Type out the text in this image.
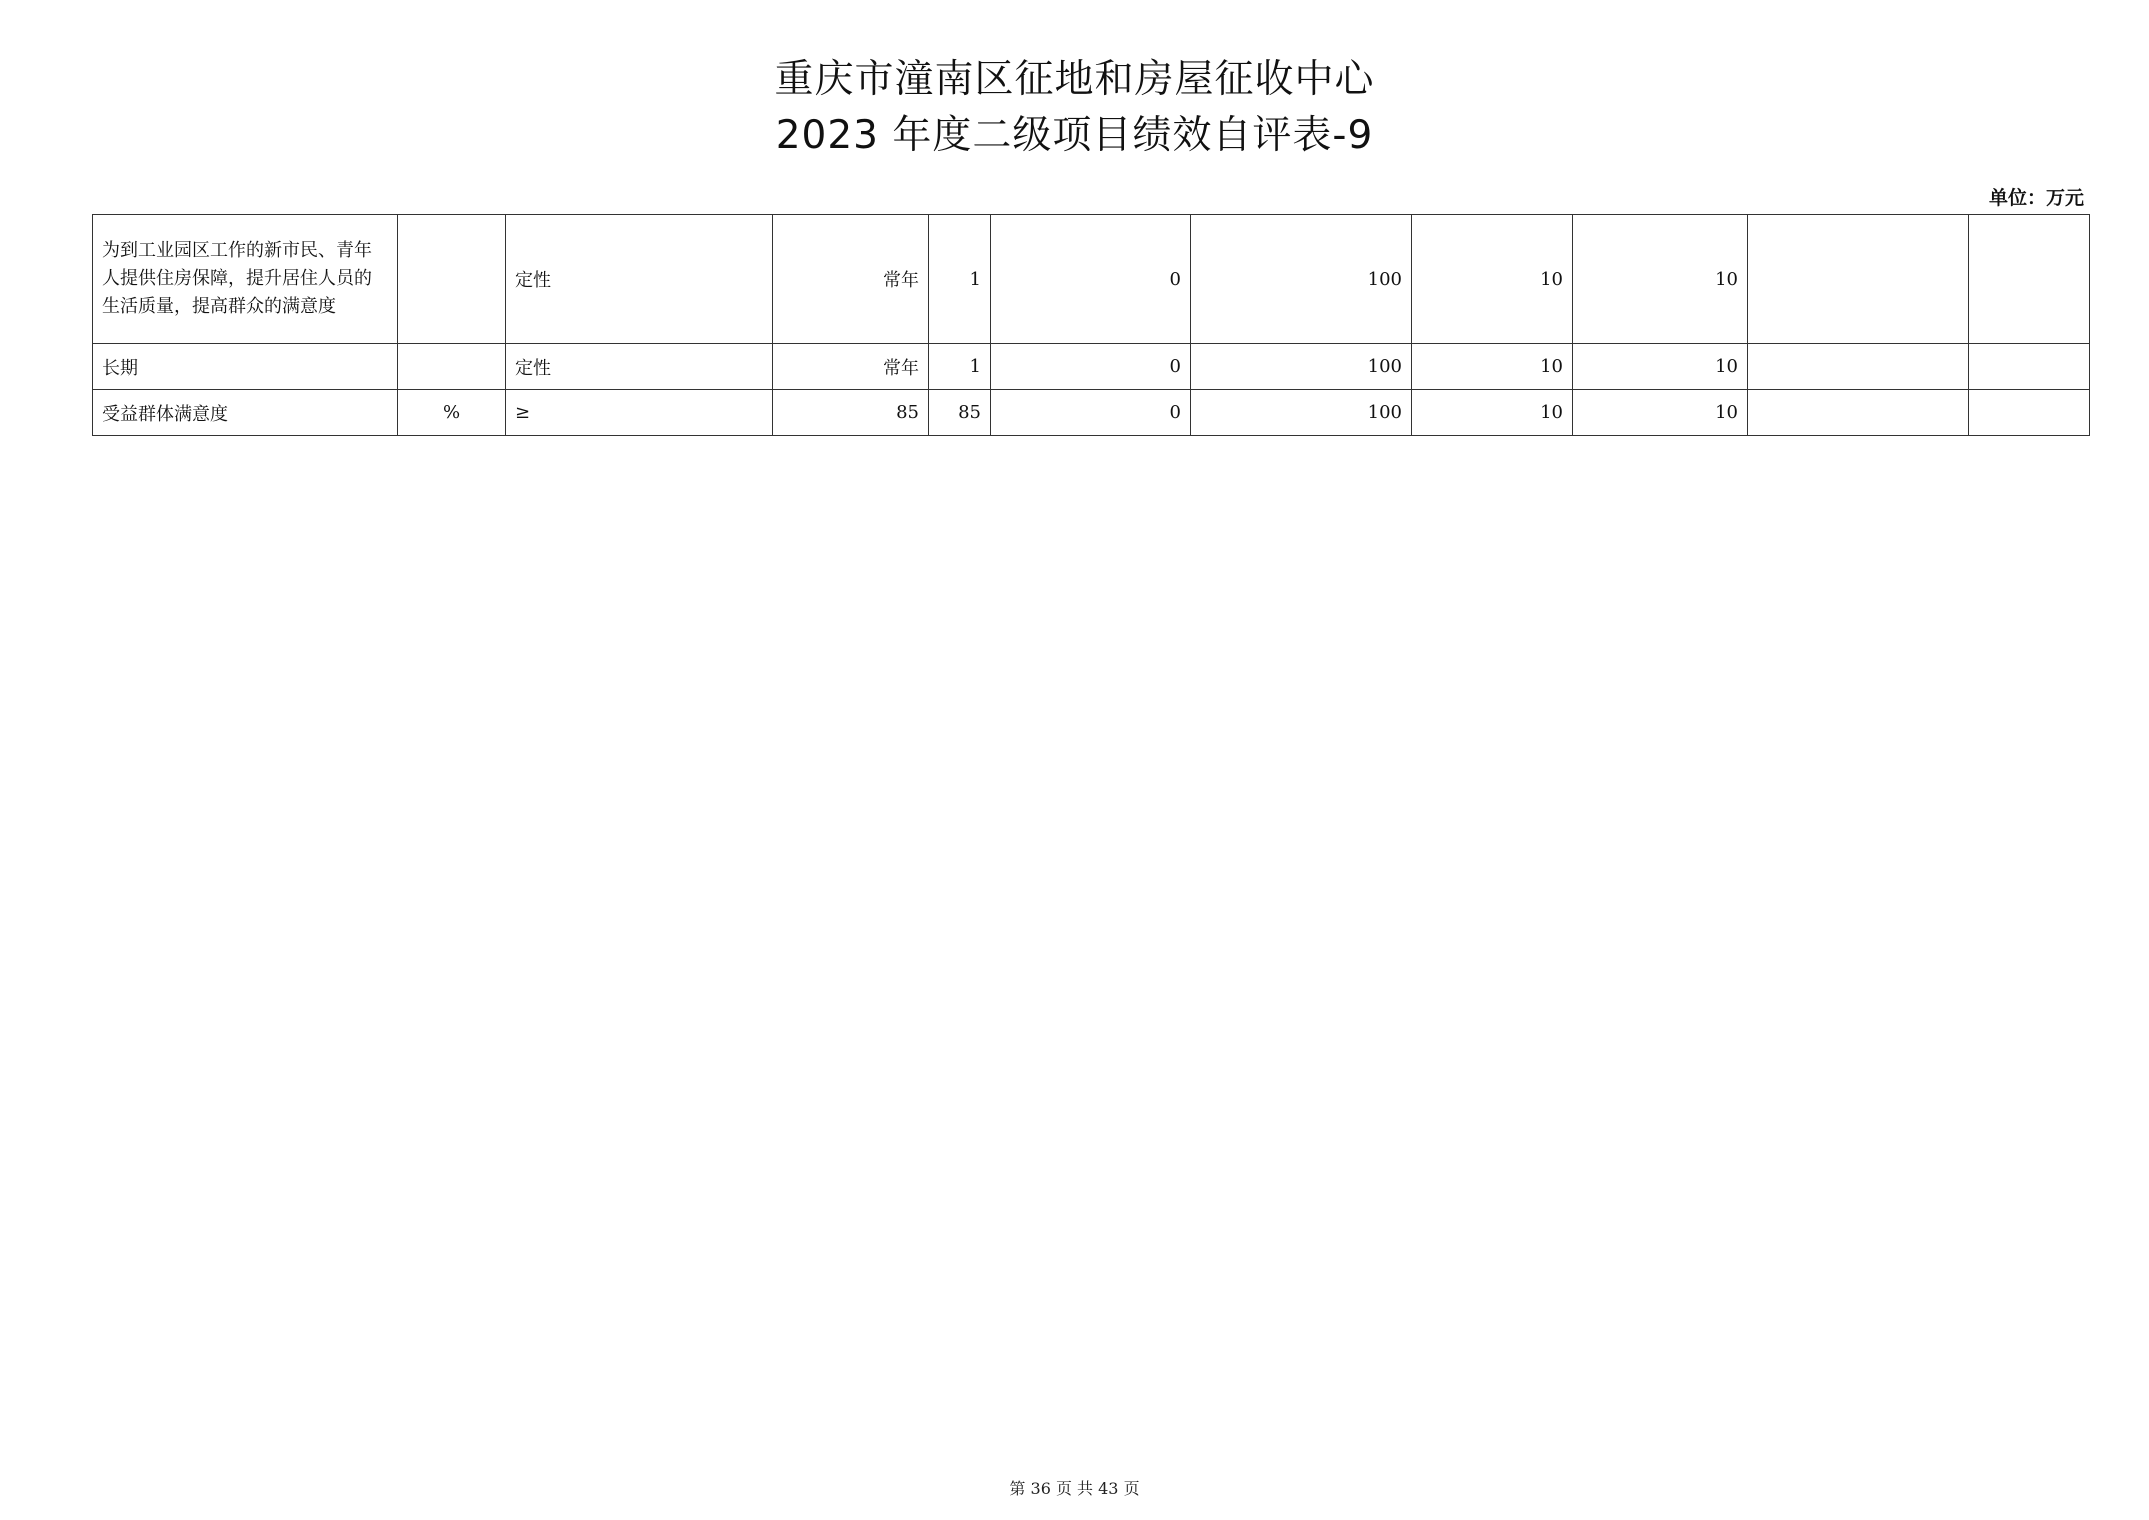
重庆市潼南区征地和房屋征收中心
2023 年度二级项目绩效自评表-9
单位：万元
为到工业园区工作的新市民、青年人提供住房保障，提升居住人员的生活质量，提高群众的满意度		定性	常年	1	0	100	10	10		
长期		定性	常年	1	0	100	10	10		
受益群体满意度	%	≥	85	85	0	100	10	10		
第 36 页 共 43 页
